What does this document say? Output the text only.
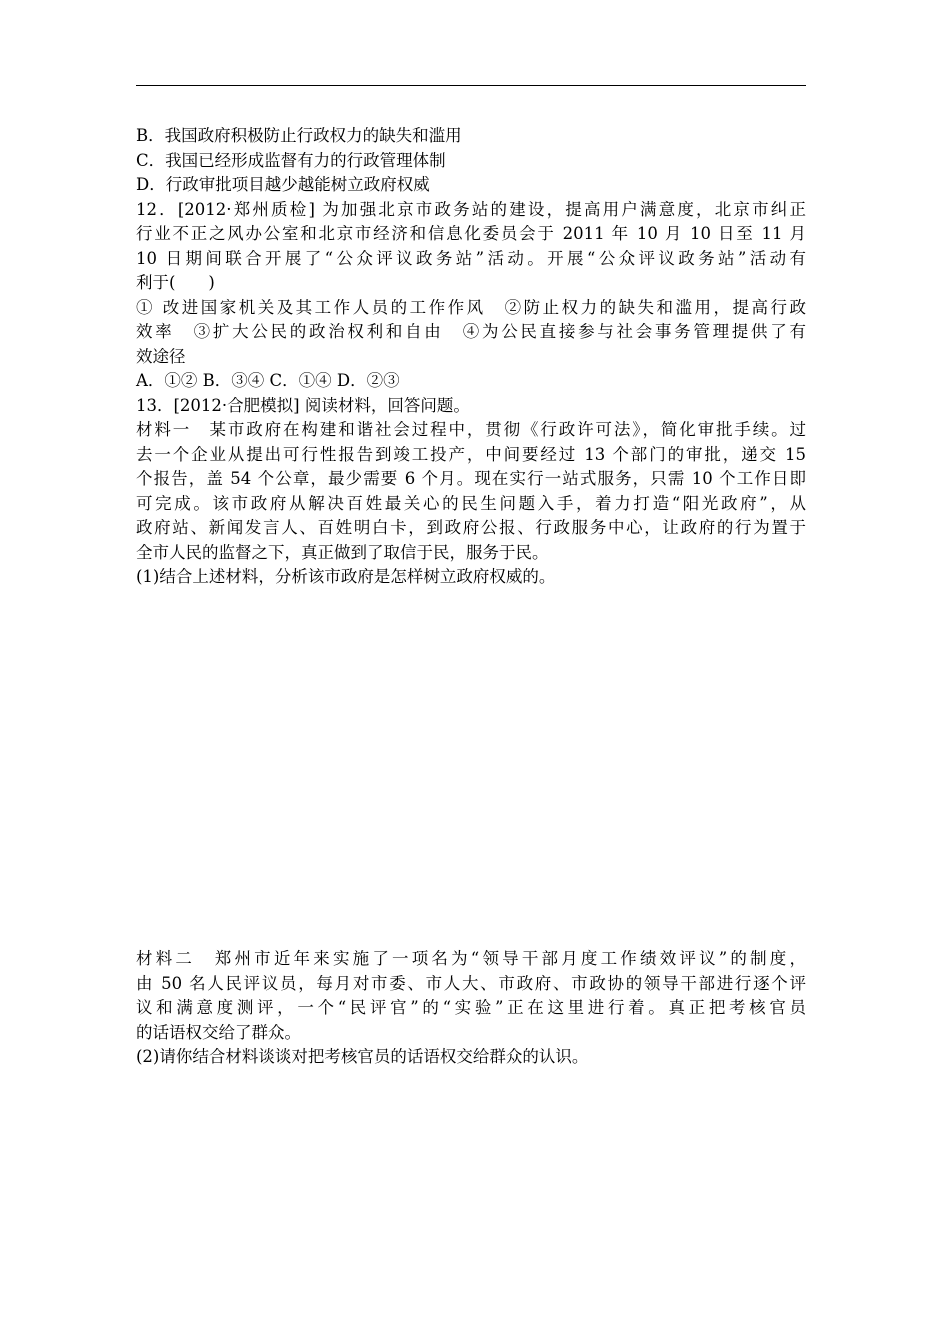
B．我国政府积极防止行政权力的缺失和滥用
C．我国已经形成监督有力的行政管理体制
D．行政审批项目越少越能树立政府权威
12．[2012·郑州质检] 为加强北京市政务站的建设，提高用户满意度，北京市纠正
行业不正之风办公室和北京市经济和信息化委员会于 2011 年 10 月 10 日至 11 月
10 日期间联合开展了“公众评议政务站”活动。开展“公众评议政务站”活动有
利于(　　)
① 改进国家机关及其工作人员的工作作风　②防止权力的缺失和滥用，提高行政
效率　③扩大公民的政治权利和自由　④为公民直接参与社会事务管理提供了有
效途径
A．①② B．③④ C．①④ D．②③
13．[2012·合肥模拟] 阅读材料，回答问题。
材料一　某市政府在构建和谐社会过程中，贯彻《行政许可法》，简化审批手续。过
去一个企业从提出可行性报告到竣工投产，中间要经过 13 个部门的审批，递交 15
个报告，盖 54 个公章，最少需要 6 个月。现在实行一站式服务，只需 10 个工作日即
可完成。该市政府从解决百姓最关心的民生问题入手，着力打造“阳光政府”，从
政府站、新闻发言人、百姓明白卡，到政府公报、行政服务中心，让政府的行为置于
全市人民的监督之下，真正做到了取信于民，服务于民。
(1)结合上述材料，分析该市政府是怎样树立政府权威的。
材料二　郑州市近年来实施了一项名为“领导干部月度工作绩效评议”的制度，
由 50 名人民评议员，每月对市委、市人大、市政府、市政协的领导干部进行逐个评
议和满意度测评，一个“民评官”的“实验”正在这里进行着。真正把考核官员
的话语权交给了群众。
(2)请你结合材料谈谈对把考核官员的话语权交给群众的认识。
